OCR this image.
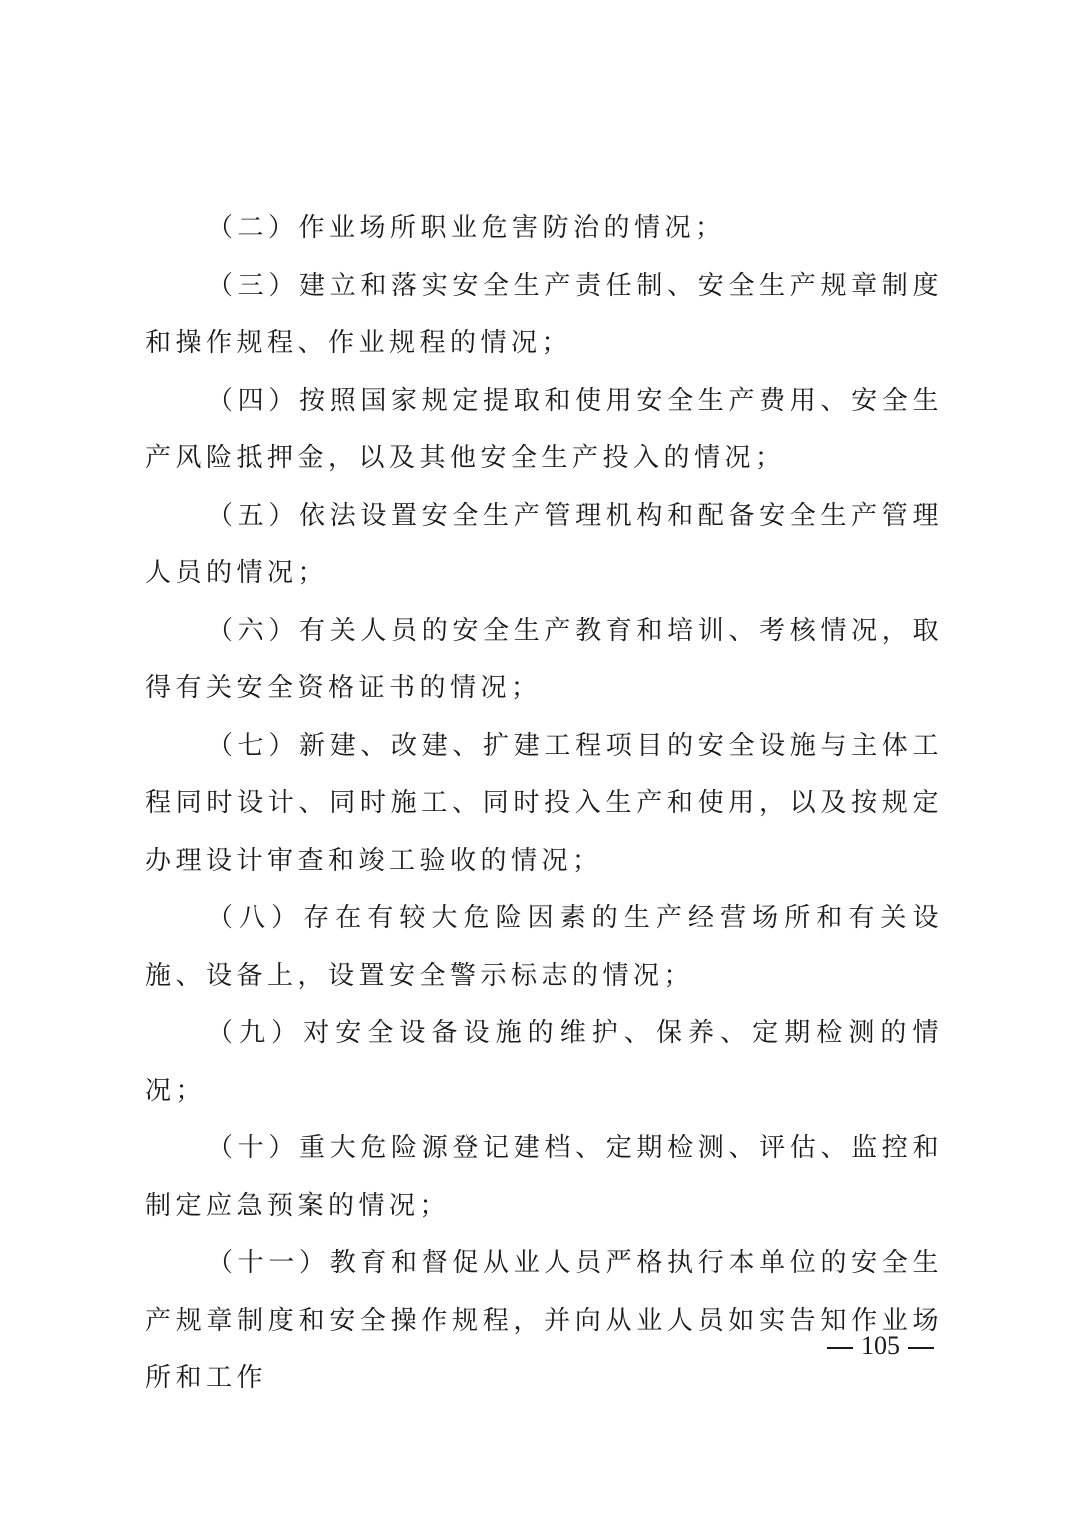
（二）作业场所职业危害防治的情况；

（三）建立和落实安全生产责任制、安全生产规章制度和操作规程、作业规程的情况；

（四）按照国家规定提取和使用安全生产费用、安全生产风险抵押金，以及其他安全生产投入的情况；

（五）依法设置安全生产管理机构和配备安全生产管理人员的情况；

（六）有关人员的安全生产教育和培训、考核情况，取得有关安全资格证书的情况；

（七）新建、改建、扩建工程项目的安全设施与主体工程同时设计、同时施工、同时投入生产和使用，以及按规定办理设计审查和竣工验收的情况；

（八）存在有较大危险因素的生产经营场所和有关设施、设备上，设置安全警示标志的情况；

（九）对安全设备设施的维护、保养、定期检测的情况；

（十）重大危险源登记建档、定期检测、评估、监控和制定应急预案的情况；

（十一）教育和督促从业人员严格执行本单位的安全生产规章制度和安全操作规程，并向从业人员如实告知作业场所和工作

105
